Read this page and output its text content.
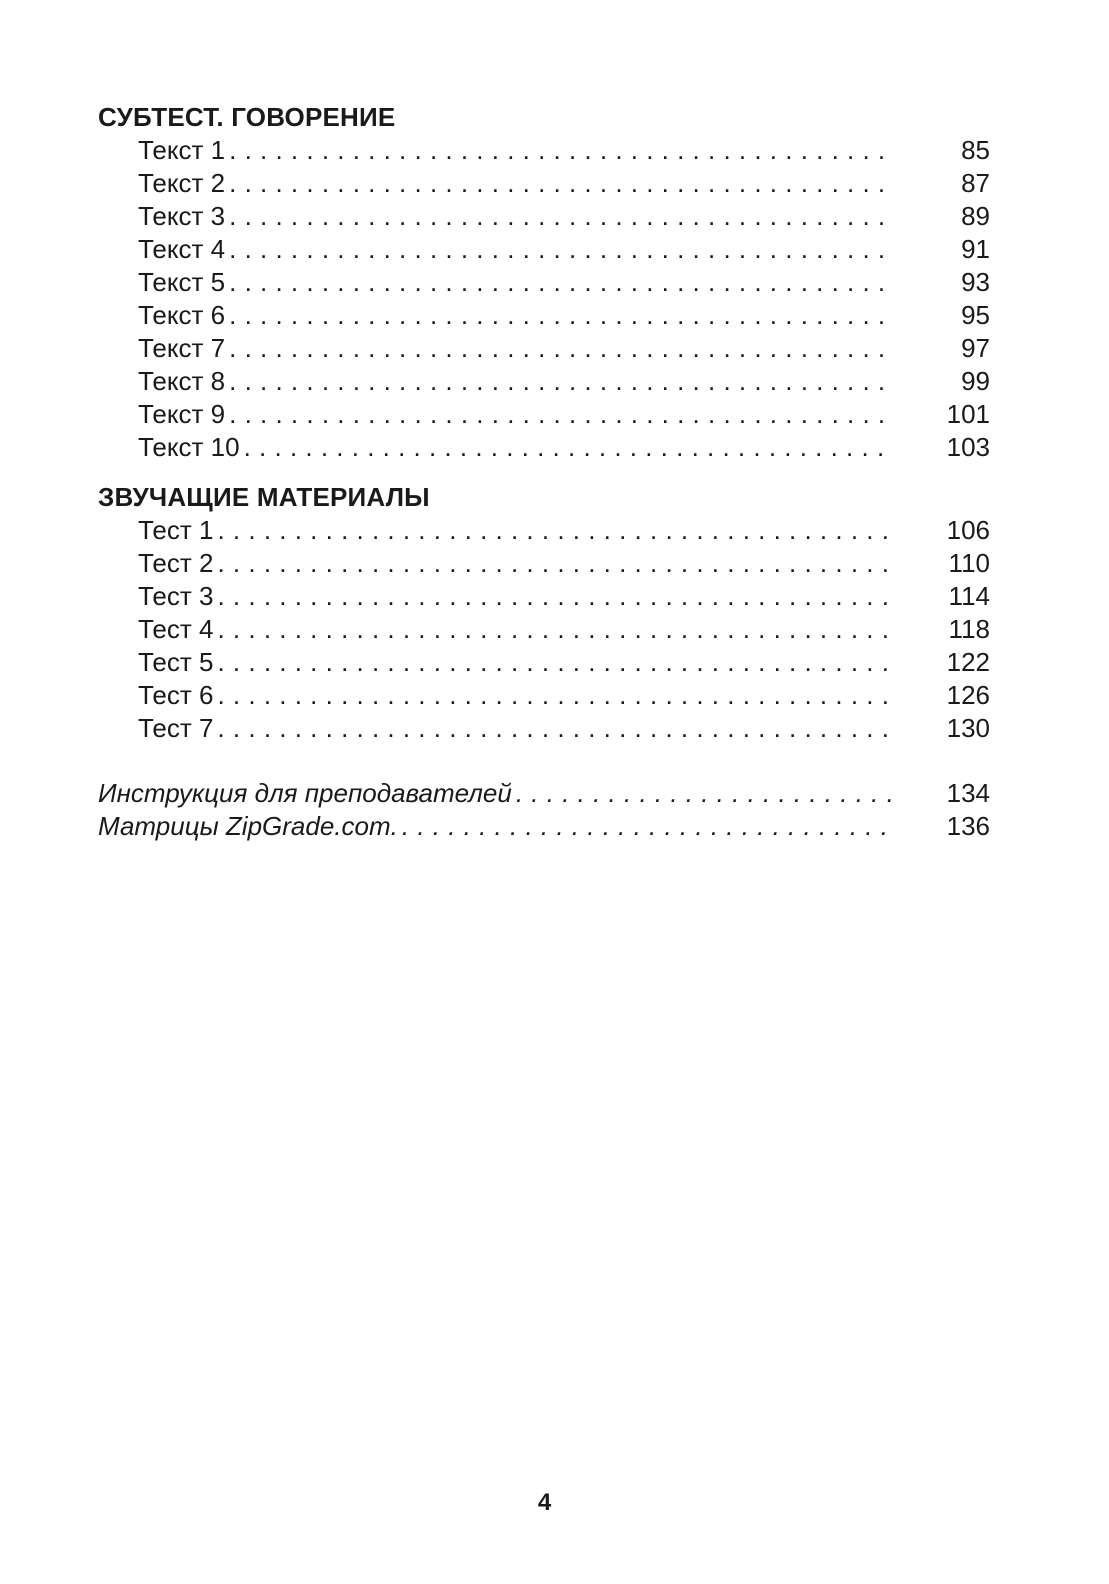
СУБТЕСТ. ГОВОРЕНИЕ
Текст 1 . . .	85
Текст 2 . . .	87
Текст 3 . . .	89
Текст 4 . . .	91
Текст 5 . . .	93
Текст 6 . . .	95
Текст 7 . . .	97
Текст 8 . . .	99
Текст 9 . . .	101
Текст 10 . . .	103
ЗВУЧАЩИЕ МАТЕРИАЛЫ
Тест 1 . . .	106
Тест 2 . . .	110
Тест 3 . . .	114
Тест 4 . . .	118
Тест 5 . . .	122
Тест 6 . . .	126
Тест 7 . . .	130
Инструкция для преподавателей . . .	134
Матрицы ZipGrade.com. . . .	136
4
